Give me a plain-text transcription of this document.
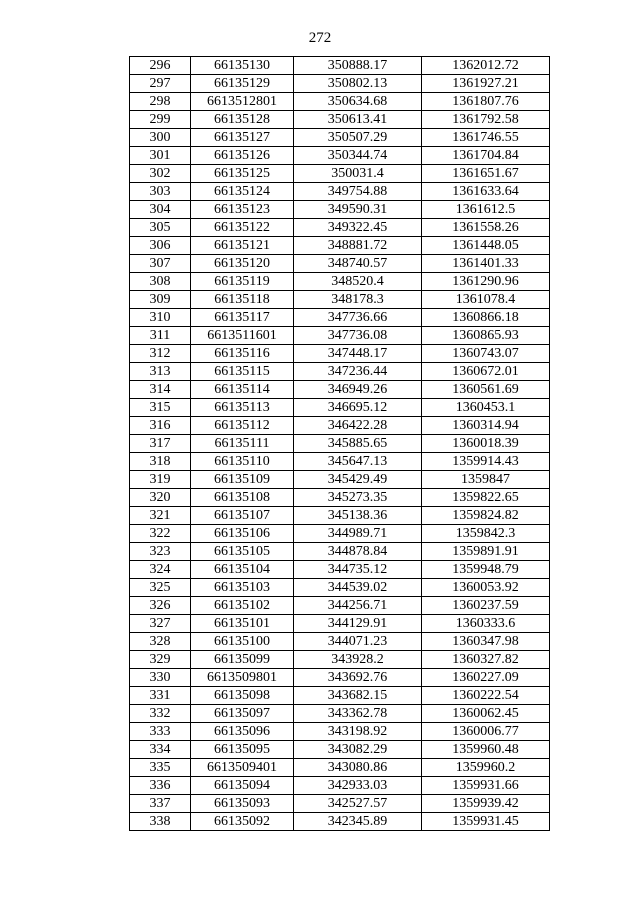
272
296	66135130	350888.17	1362012.72
297	66135129	350802.13	1361927.21
298	6613512801	350634.68	1361807.76
299	66135128	350613.41	1361792.58
300	66135127	350507.29	1361746.55
301	66135126	350344.74	1361704.84
302	66135125	350031.4	1361651.67
303	66135124	349754.88	1361633.64
304	66135123	349590.31	1361612.5
305	66135122	349322.45	1361558.26
306	66135121	348881.72	1361448.05
307	66135120	348740.57	1361401.33
308	66135119	348520.4	1361290.96
309	66135118	348178.3	1361078.4
310	66135117	347736.66	1360866.18
311	6613511601	347736.08	1360865.93
312	66135116	347448.17	1360743.07
313	66135115	347236.44	1360672.01
314	66135114	346949.26	1360561.69
315	66135113	346695.12	1360453.1
316	66135112	346422.28	1360314.94
317	66135111	345885.65	1360018.39
318	66135110	345647.13	1359914.43
319	66135109	345429.49	1359847
320	66135108	345273.35	1359822.65
321	66135107	345138.36	1359824.82
322	66135106	344989.71	1359842.3
323	66135105	344878.84	1359891.91
324	66135104	344735.12	1359948.79
325	66135103	344539.02	1360053.92
326	66135102	344256.71	1360237.59
327	66135101	344129.91	1360333.6
328	66135100	344071.23	1360347.98
329	66135099	343928.2	1360327.82
330	6613509801	343692.76	1360227.09
331	66135098	343682.15	1360222.54
332	66135097	343362.78	1360062.45
333	66135096	343198.92	1360006.77
334	66135095	343082.29	1359960.48
335	6613509401	343080.86	1359960.2
336	66135094	342933.03	1359931.66
337	66135093	342527.57	1359939.42
338	66135092	342345.89	1359931.45
